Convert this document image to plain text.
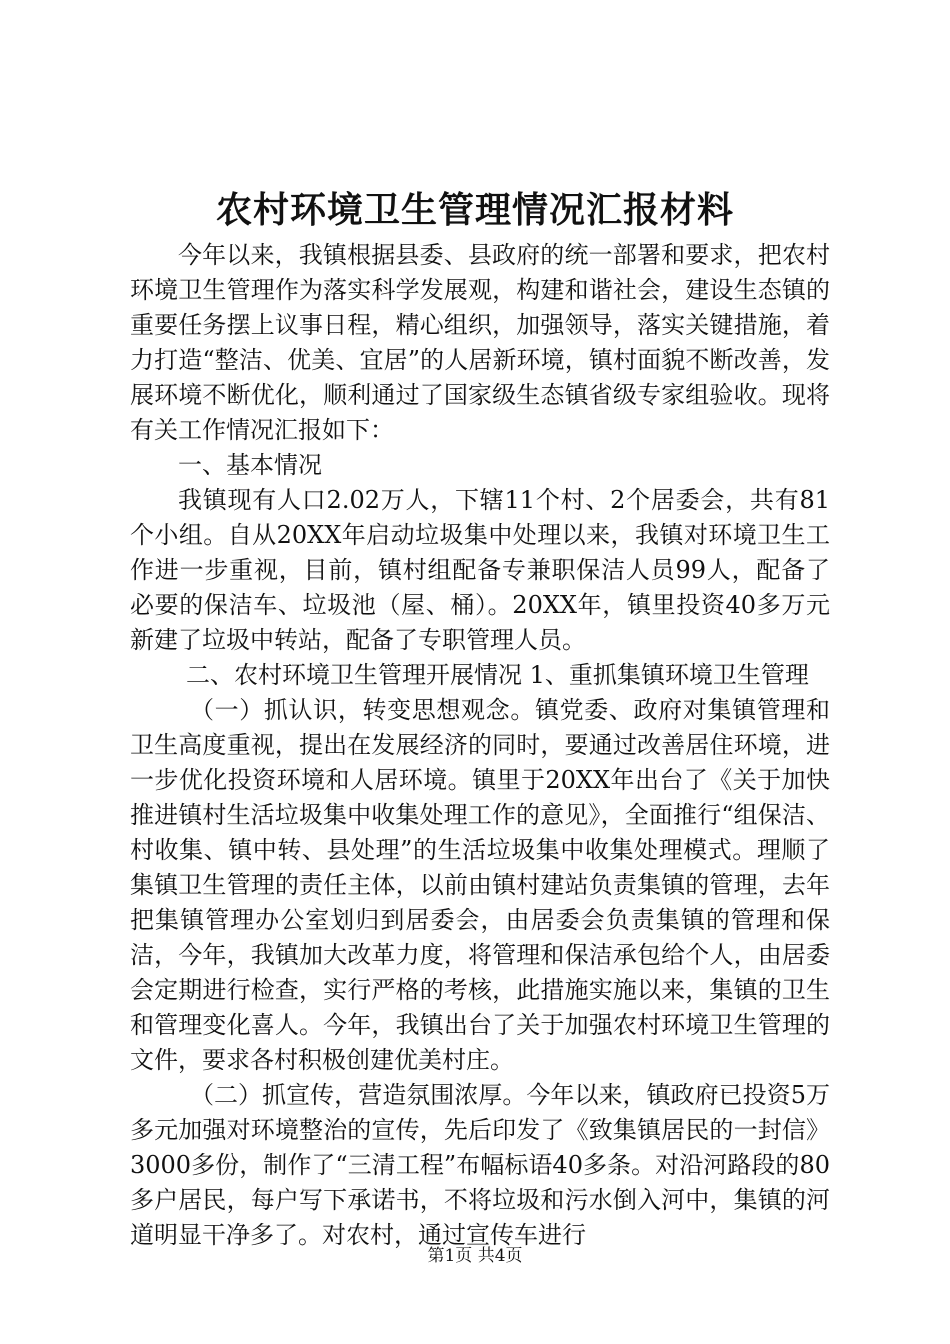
农村环境卫生管理情况汇报材料

今年以来，我镇根据县委、县政府的统一部署和要求，把农村环境卫生管理作为落实科学发展观，构建和谐社会，建设生态镇的重要任务摆上议事日程，精心组织，加强领导，落实关键措施，着力打造“整洁、优美、宜居”的人居新环境，镇村面貌不断改善，发展环境不断优化，顺利通过了国家级生态镇省级专家组验收。现将有关工作情况汇报如下：

一、基本情况

我镇现有人口2.02万人，下辖11个村、2个居委会，共有81个小组。自从20XX年启动垃圾集中处理以来，我镇对环境卫生工作进一步重视，目前，镇村组配备专兼职保洁人员99人，配备了必要的保洁车、垃圾池（屋、桶）。20XX年，镇里投资40多万元新建了垃圾中转站，配备了专职管理人员。

二、农村环境卫生管理开展情况 1、重抓集镇环境卫生管理

（一）抓认识，转变思想观念。镇党委、政府对集镇管理和卫生高度重视，提出在发展经济的同时，要通过改善居住环境，进一步优化投资环境和人居环境。镇里于20XX年出台了《关于加快推进镇村生活垃圾集中收集处理工作的意见》，全面推行“组保洁、村收集、镇中转、县处理”的生活垃圾集中收集处理模式。理顺了集镇卫生管理的责任主体，以前由镇村建站负责集镇的管理，去年把集镇管理办公室划归到居委会，由居委会负责集镇的管理和保洁，今年，我镇加大改革力度，将管理和保洁承包给个人，由居委会定期进行检查，实行严格的考核，此措施实施以来，集镇的卫生和管理变化喜人。今年，我镇出台了关于加强农村环境卫生管理的文件，要求各村积极创建优美村庄。

（二）抓宣传，营造氛围浓厚。今年以来，镇政府已投资5万多元加强对环境整治的宣传，先后印发了《致集镇居民的一封信》3000多份，制作了“三清工程”布幅标语40多条。对沿河路段的80多户居民，每户写下承诺书，不将垃圾和污水倒入河中，集镇的河道明显干净多了。对农村，通过宣传车进行

第1页 共4页
